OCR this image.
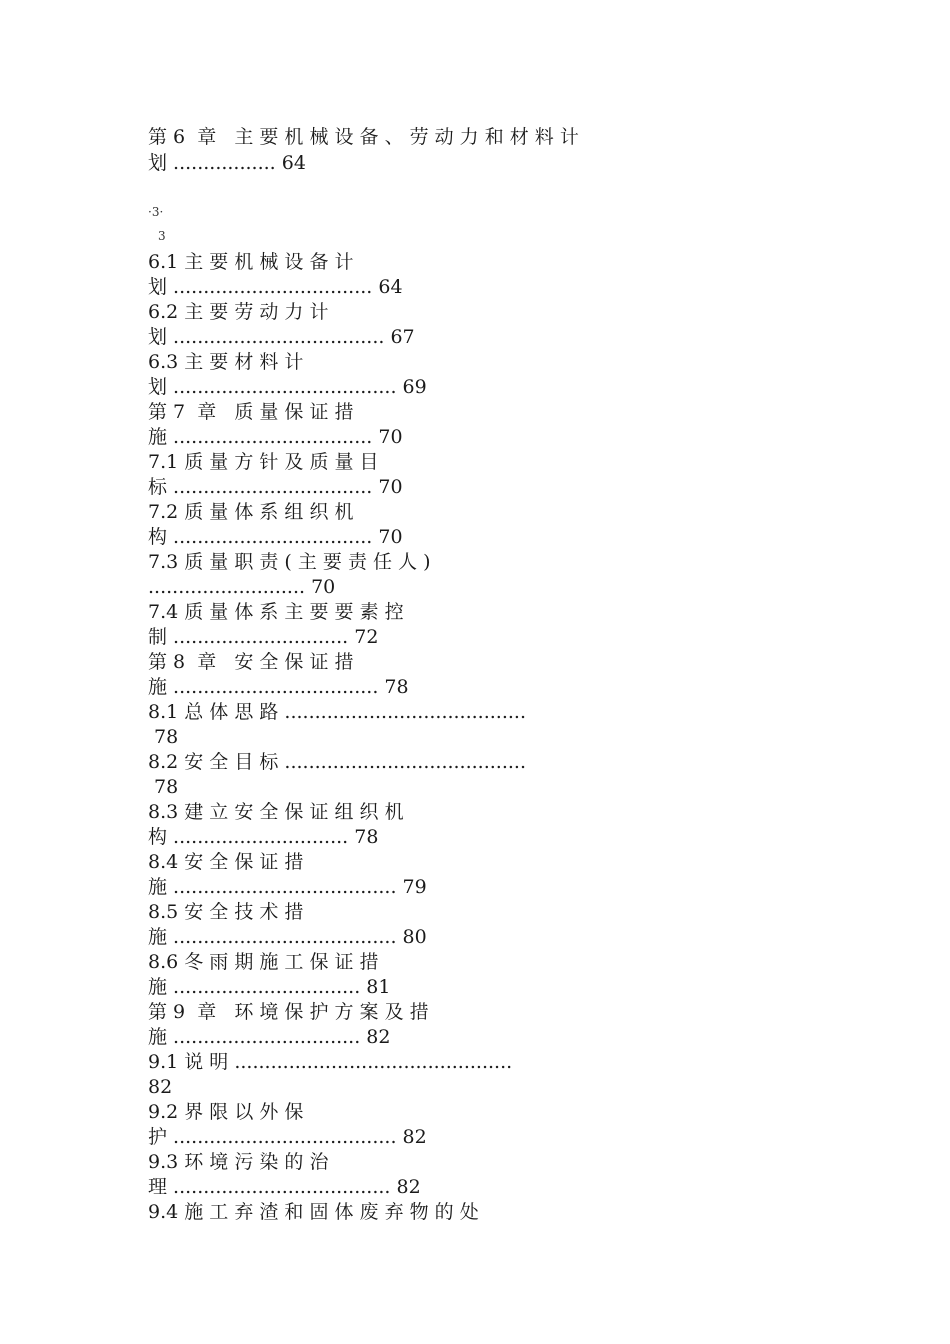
第 6  章   主 要 机 械 设 备 、 劳 动 力 和 材 料 计
划 ................. 64
·3·
3
6.1 主 要 机 械 设 备 计
划 ................................. 64
6.2 主 要 劳 动 力 计
划 ................................... 67
6.3 主 要 材 料 计
划 ..................................... 69
第 7  章   质 量 保 证 措
施 ................................. 70
7.1 质 量 方 针 及 质 量 目
标 ................................. 70
7.2 质 量 体 系 组 织 机
构 ................................. 70
7.3 质 量 职 责 ( 主 要 责 任 人 )
.......................... 70
7.4 质 量 体 系 主 要 要 素 控
制 ............................. 72
第 8  章   安 全 保 证 措
施 .................................. 78
8.1 总 体 思 路 ........................................
78
8.2 安 全 目 标 ........................................
78
8.3 建 立 安 全 保 证 组 织 机
构 ............................. 78
8.4 安 全 保 证 措
施 ..................................... 79
8.5 安 全 技 术 措
施 ..................................... 80
8.6 冬 雨 期 施 工 保 证 措
施 ............................... 81
第 9  章   环 境 保 护 方 案 及 措
施 ............................... 82
9.1 说 明 ..............................................
82
9.2 界 限 以 外 保
护 ..................................... 82
9.3 环 境 污 染 的 治
理 .................................... 82
9.4 施 工 弃 渣 和 固 体 废 弃 物 的 处
